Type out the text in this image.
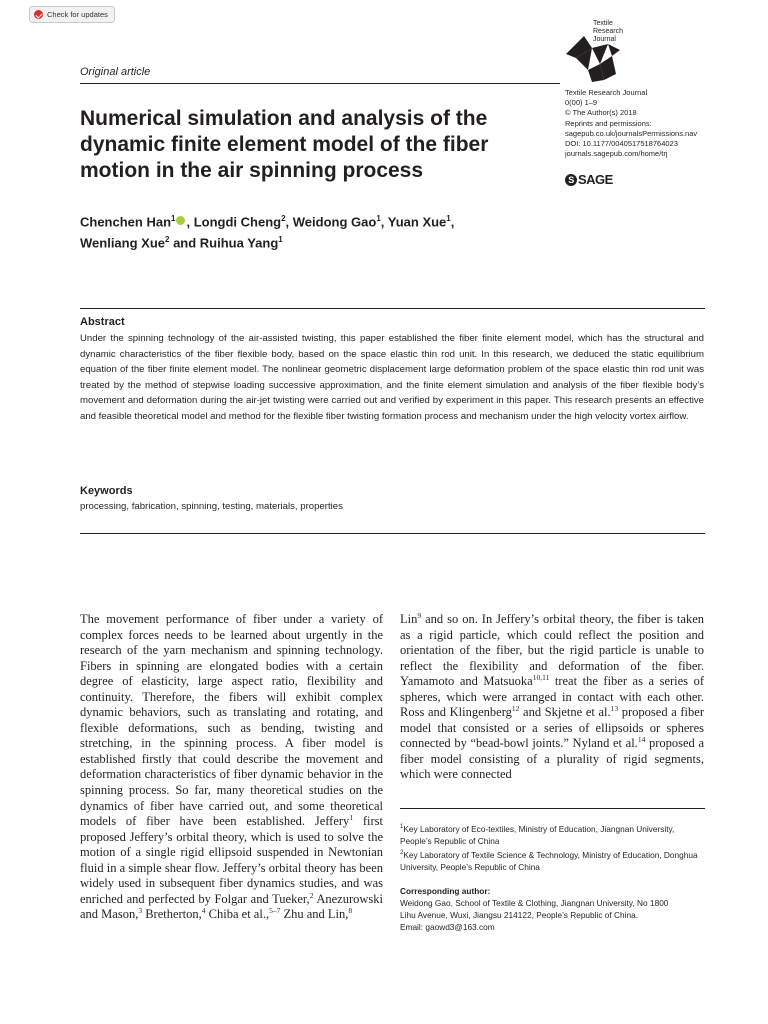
Check for updates
Original article
Numerical simulation and analysis of the dynamic finite element model of the fiber motion in the air spinning process
Chenchen Han$^1$ , Longdi Cheng$^2$, Weidong Gao$^1$, Yuan Xue$^1$,
Wenliang Xue$^2$ and Ruihua Yang$^1$
Textile
Research
Journal
Textile Research Journal
0(00) 1–9
© The Author(s) 2018
Reprints and permissions:
sagepub.co.uk/journalsPermissions.nav
DOI: 10.1177/0040517518764023
journals.sagepub.com/home/trj
S SAGE
Abstract
Under the spinning technology of the air-assisted twisting, this paper established the fiber finite element model, which has the structural and dynamic characteristics of the fiber flexible body, based on the space elastic thin rod unit. In this research, we deduced the static equilibrium equation of the fiber finite element model. The nonlinear geometric displacement large deformation problem of the space elastic thin rod unit was treated by the method of stepwise loading successive approximation, and the finite element simulation and analysis of the fiber flexible body’s movement and deformation during the air-jet twisting were carried out and verified by experiment in this paper. This research presents an effective and feasible theoretical model and method for the flexible fiber twisting formation process and mechanism under the high velocity vortex airflow.
Keywords
processing, fabrication, spinning, testing, materials, properties
The movement performance of fiber under a variety of complex forces needs to be learned about urgently in the research of the yarn mechanism and spinning technology. Fibers in spinning are elongated bodies with a certain degree of elasticity, large aspect ratio, flexibility and continuity. Therefore, the fibers will exhibit complex dynamic behaviors, such as translating and rotating, and flexible deformations, such as bending, twisting and stretching, in the spinning process. A fiber model is established firstly that could describe the movement and deformation characteristics of fiber dynamic behavior in the spinning process. So far, many theoretical studies on the dynamics of fiber have carried out, and some theoretical models of fiber have been established. Jeffery$^1$ first proposed Jeffery’s orbital theory, which is used to solve the motion of a single rigid ellipsoid suspended in Newtonian fluid in a simple shear flow. Jeffery’s orbital theory has been widely used in subsequent fiber dynamics studies, and was enriched and perfected by Folgar and Tueker,$^2$ Anezurowski and Mason,$^3$ Bretherton,$^4$ Chiba et al.,$^{5-7}$ Zhu and Lin,$^8$
Lin$^9$ and so on. In Jeffery’s orbital theory, the fiber is taken as a rigid particle, which could reflect the position and orientation of the fiber, but the rigid particle is unable to reflect the flexibility and deformation of the fiber. Yamamoto and Matsuoka$^{10,11}$ treat the fiber as a series of spheres, which were arranged in contact with each other. Ross and Klingenberg$^{12}$ and Skjetne et al.$^{13}$ proposed a fiber model that consisted or a series of ellipsoids or spheres connected by “bead-bowl joints.” Nyland et al.$^{14}$ proposed a fiber model consisting of a plurality of rigid segments, which were connected
$^1$Key Laboratory of Eco-textiles, Ministry of Education, Jiangnan University, People’s Republic of China
$^2$Key Laboratory of Textile Science & Technology, Ministry of Education, Donghua University, People’s Republic of China
Corresponding author:
Weidong Gao, School of Textile & Clothing, Jiangnan University, No 1800
Lihu Avenue, Wuxi, Jiangsu 214122, People’s Republic of China.
Email: gaowd3@163.com
